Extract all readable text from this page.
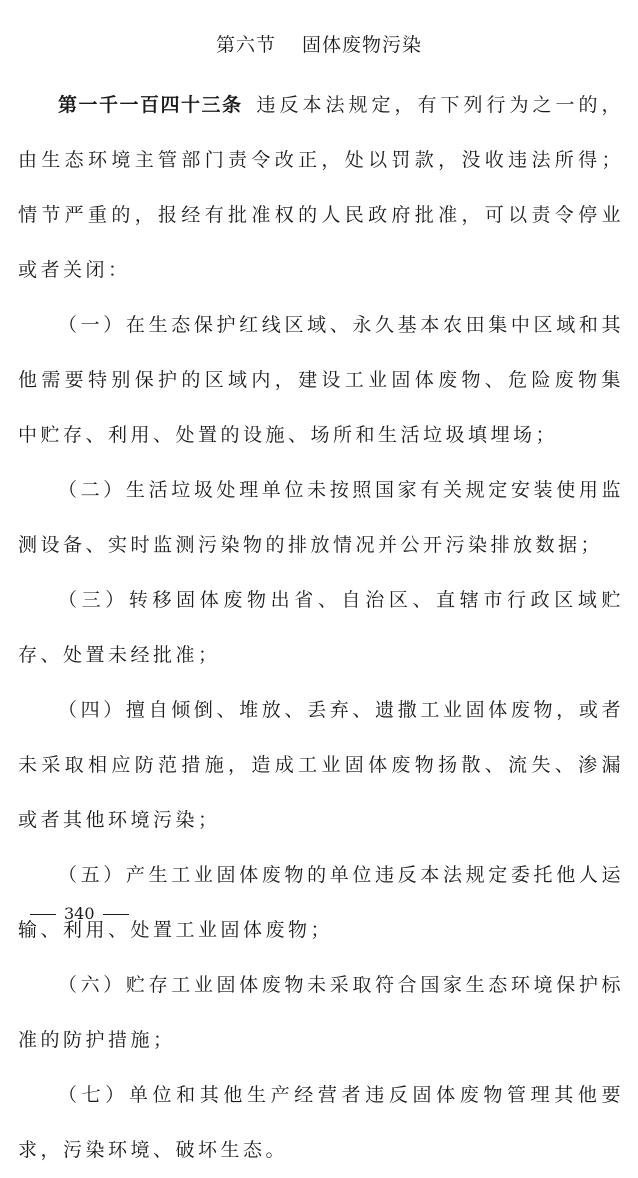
第六节 固体废物污染

第一千一百四十三条 违反本法规定，有下列行为之一的，由生态环境主管部门责令改正，处以罚款，没收违法所得；情节严重的，报经有批准权的人民政府批准，可以责令停业或者关闭：

（一）在生态保护红线区域、永久基本农田集中区域和其他需要特别保护的区域内，建设工业固体废物、危险废物集中贮存、利用、处置的设施、场所和生活垃圾填埋场；

（二）生活垃圾处理单位未按照国家有关规定安装使用监测设备、实时监测污染物的排放情况并公开污染排放数据；

（三）转移固体废物出省、自治区、直辖市行政区域贮存、处置未经批准；

（四）擅自倾倒、堆放、丢弃、遗撒工业固体废物，或者未采取相应防范措施，造成工业固体废物扬散、流失、渗漏或者其他环境污染；

（五）产生工业固体废物的单位违反本法规定委托他人运输、利用、处置工业固体废物；

（六）贮存工业固体废物未采取符合国家生态环境保护标准的防护措施；

（七）单位和其他生产经营者违反固体废物管理其他要求，污染环境、破坏生态。

340
